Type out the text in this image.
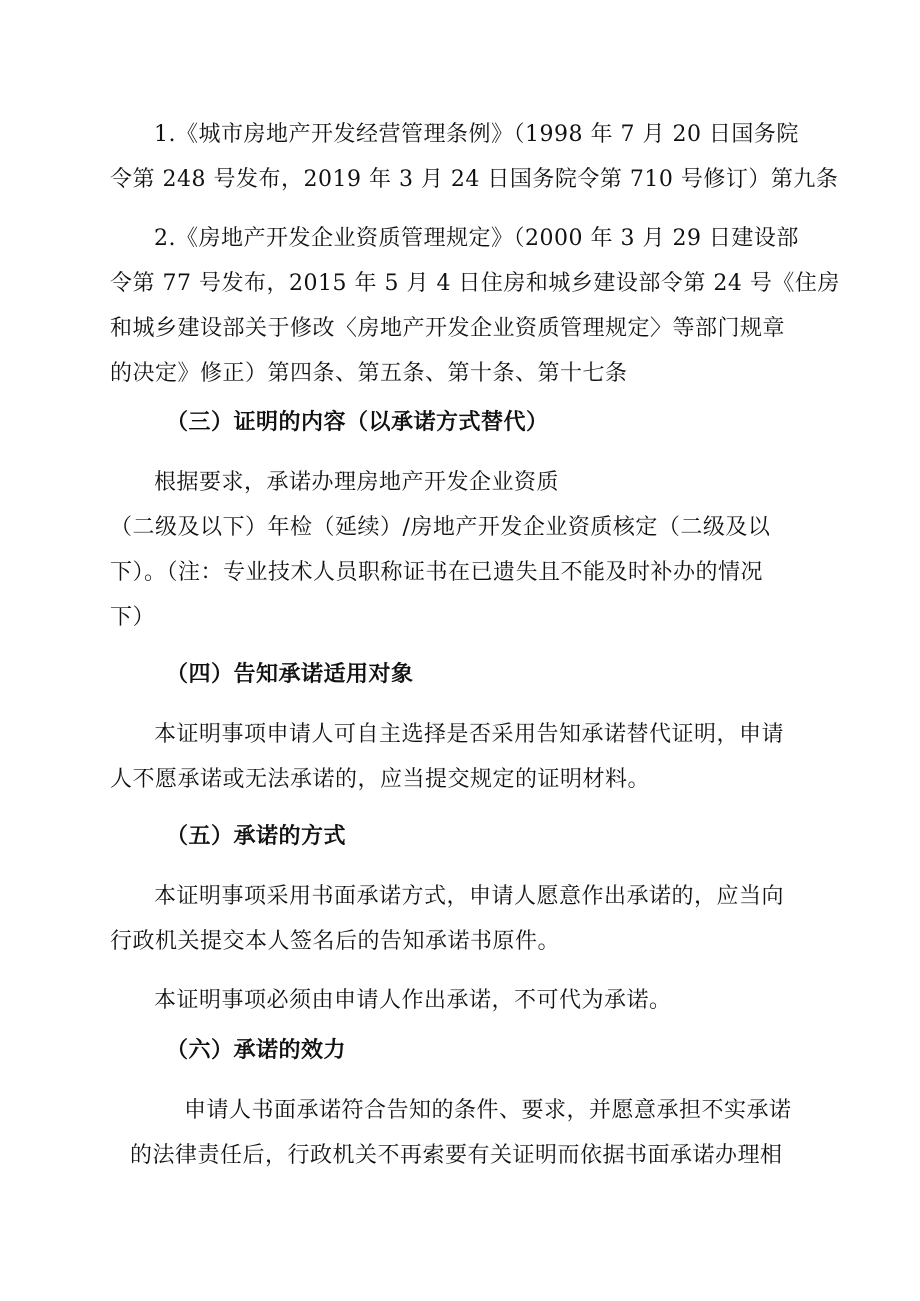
1.《城市房地产开发经营管理条例》（1998 年 7 月 20 日国务院
令第 248 号发布，2019 年 3 月 24 日国务院令第 710 号修订）第九条
2.《房地产开发企业资质管理规定》（2000 年 3 月 29 日建设部
令第 77 号发布，2015 年 5 月 4 日住房和城乡建设部令第 24 号《住房
和城乡建设部关于修改〈房地产开发企业资质管理规定〉等部门规章
的决定》修正）第四条、第五条、第十条、第十七条
（三）证明的内容（以承诺方式替代）
根据要求，承诺办理房地产开发企业资质
（二级及以下）年检（延续）/房地产开发企业资质核定（二级及以
下）。（注：专业技术人员职称证书在已遗失且不能及时补办的情况
下）
（四）告知承诺适用对象
本证明事项申请人可自主选择是否采用告知承诺替代证明，申请
人不愿承诺或无法承诺的，应当提交规定的证明材料。
（五）承诺的方式
本证明事项采用书面承诺方式，申请人愿意作出承诺的，应当向
行政机关提交本人签名后的告知承诺书原件。
本证明事项必须由申请人作出承诺，不可代为承诺。
（六）承诺的效力
申请人书面承诺符合告知的条件、要求，并愿意承担不实承诺
的法律责任后，行政机关不再索要有关证明而依据书面承诺办理相
